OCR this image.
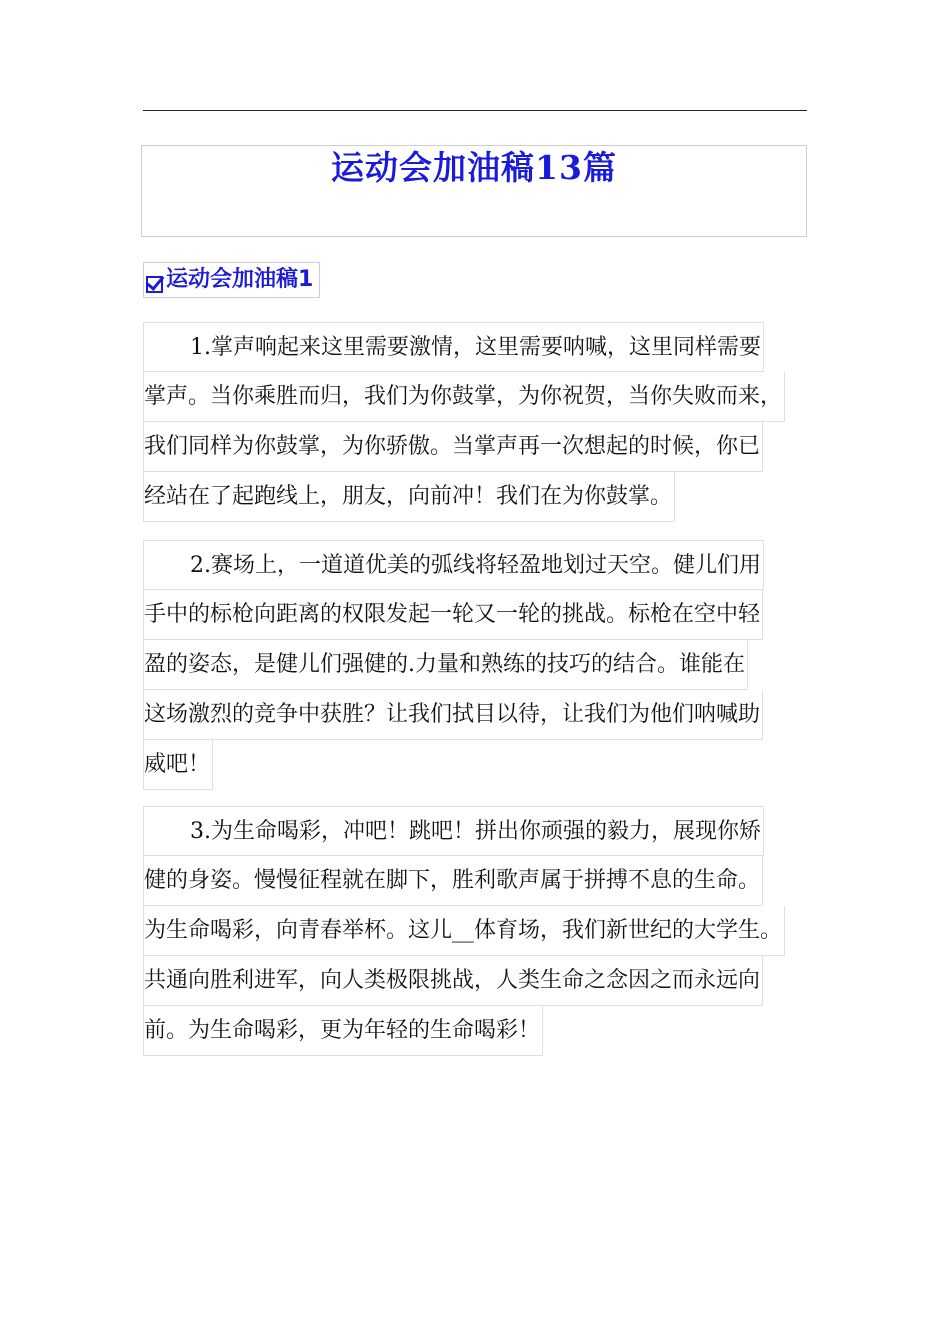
运动会加油稿13篇
运动会加油稿1
1.掌声响起来这里需要激情，这里需要呐喊，这里同样需要
掌声。当你乘胜而归，我们为你鼓掌，为你祝贺，当你失败而来，
我们同样为你鼓掌，为你骄傲。当掌声再一次想起的时候，你已
经站在了起跑线上，朋友，向前冲！我们在为你鼓掌。
2.赛场上，一道道优美的弧线将轻盈地划过天空。健儿们用
手中的标枪向距离的权限发起一轮又一轮的挑战。标枪在空中轻
盈的姿态，是健儿们强健的.力量和熟练的技巧的结合。谁能在
这场激烈的竞争中获胜？让我们拭目以待，让我们为他们呐喊助
威吧！
3.为生命喝彩，冲吧！跳吧！拼出你顽强的毅力，展现你矫
健的身姿。慢慢征程就在脚下，胜利歌声属于拼搏不息的生命。
为生命喝彩，向青春举杯。这儿__体育场，我们新世纪的大学生。
共通向胜利进军，向人类极限挑战，人类生命之念因之而永远向
前。为生命喝彩，更为年轻的生命喝彩！
